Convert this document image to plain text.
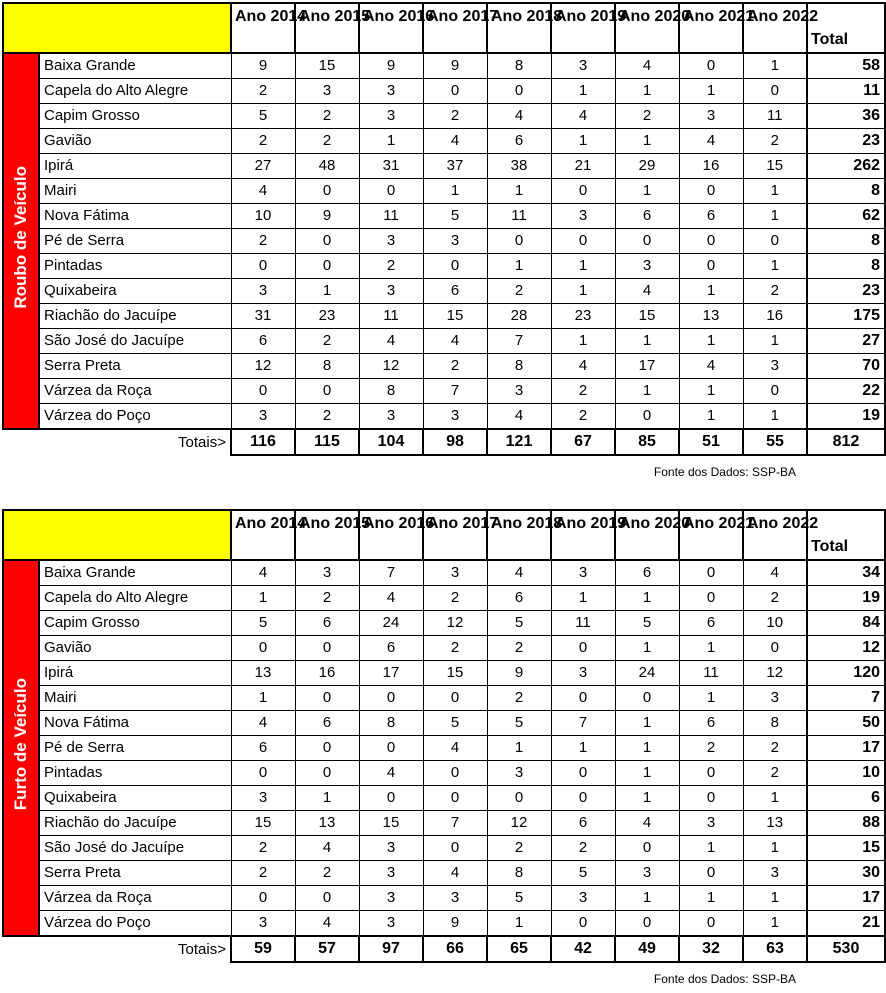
		Ano 2014	Ano 2015	Ano 2016	Ano 2017	Ano 2018	Ano 2019	Ano 2020	Ano 2021	Ano 2022	Total
Roubo de Veículo	Baixa Grande	9	15	9	9	8	3	4	0	1	58
	Capela do Alto Alegre	2	3	3	0	0	1	1	1	0	11
	Capim Grosso	5	2	3	2	4	4	2	3	11	36
	Gavião	2	2	1	4	6	1	1	4	2	23
	Ipirá	27	48	31	37	38	21	29	16	15	262
	Mairi	4	0	0	1	1	0	1	0	1	8
	Nova Fátima	10	9	11	5	11	3	6	6	1	62
	Pé de Serra	2	0	3	3	0	0	0	0	0	8
	Pintadas	0	0	2	0	1	1	3	0	1	8
	Quixabeira	3	1	3	6	2	1	4	1	2	23
	Riachão do Jacuípe	31	23	11	15	28	23	15	13	16	175
	São José do Jacuípe	6	2	4	4	7	1	1	1	1	27
	Serra Preta	12	8	12	2	8	4	17	4	3	70
	Várzea da Roça	0	0	8	7	3	2	1	1	0	22
	Várzea do Poço	3	2	3	3	4	2	0	1	1	19
Totais>		116	115	104	98	121	67	85	51	55	812
Fonte dos Dados: SSP-BA
		Ano 2014	Ano 2015	Ano 2016	Ano 2017	Ano 2018	Ano 2019	Ano 2020	Ano 2021	Ano 2022	Total
Furto de Veículo	Baixa Grande	4	3	7	3	4	3	6	0	4	34
	Capela do Alto Alegre	1	2	4	2	6	1	1	0	2	19
	Capim Grosso	5	6	24	12	5	11	5	6	10	84
	Gavião	0	0	6	2	2	0	1	1	0	12
	Ipirá	13	16	17	15	9	3	24	11	12	120
	Mairi	1	0	0	0	2	0	0	1	3	7
	Nova Fátima	4	6	8	5	5	7	1	6	8	50
	Pé de Serra	6	0	0	4	1	1	1	2	2	17
	Pintadas	0	0	4	0	3	0	1	0	2	10
	Quixabeira	3	1	0	0	0	0	1	0	1	6
	Riachão do Jacuípe	15	13	15	7	12	6	4	3	13	88
	São José do Jacuípe	2	4	3	0	2	2	0	1	1	15
	Serra Preta	2	2	3	4	8	5	3	0	3	30
	Várzea da Roça	0	0	3	3	5	3	1	1	1	17
	Várzea do Poço	3	4	3	9	1	0	0	0	1	21
Totais>		59	57	97	66	65	42	49	32	63	530
Fonte dos Dados: SSP-BA
